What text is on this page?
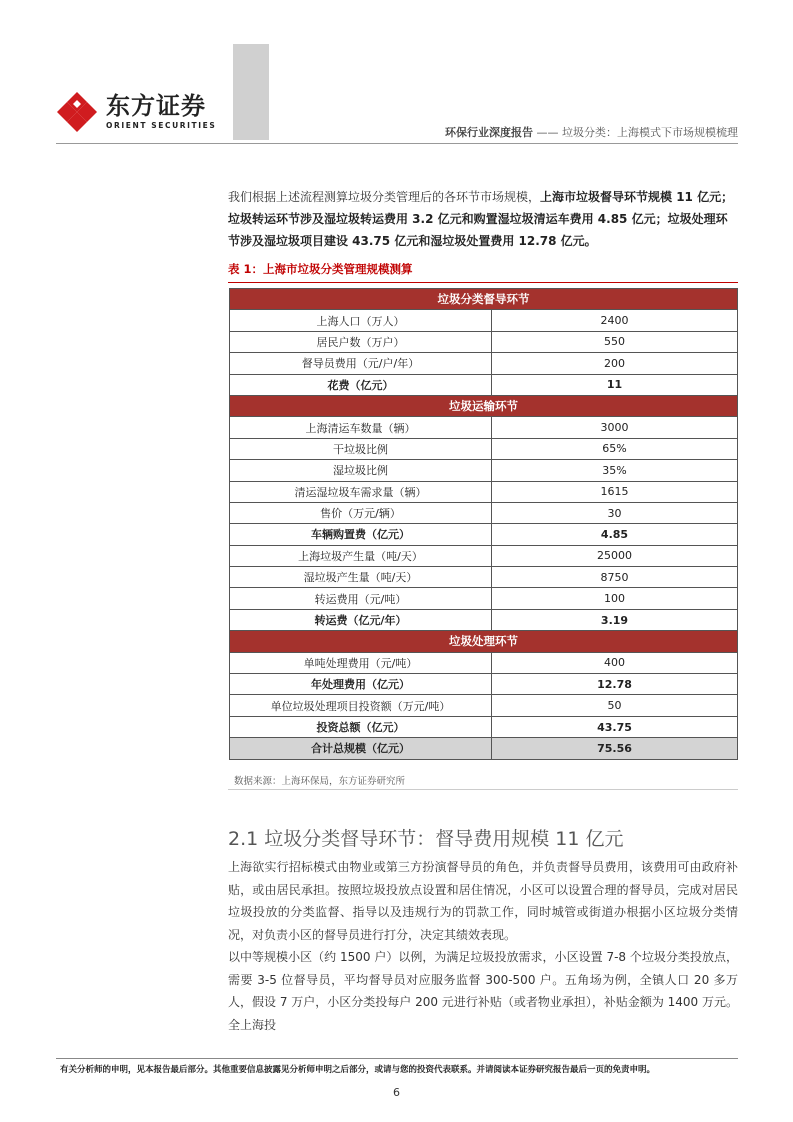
东方证券
ORIENT SECURITIES
环保行业深度报告 —— 垃圾分类：上海模式下市场规模梳理
我们根据上述流程测算垃圾分类管理后的各环节市场规模，上海市垃圾督导环节规模 11 亿元；垃圾转运环节涉及湿垃圾转运费用 3.2 亿元和购置湿垃圾清运车费用 4.85 亿元；垃圾处理环节涉及湿垃圾项目建设 43.75 亿元和湿垃圾处置费用 12.78 亿元。
表 1：上海市垃圾分类管理规模测算
垃圾分类督导环节	
上海人口（万人）	2400
居民户数（万户）	550
督导员费用（元/户/年）	200
花费（亿元）	11
垃圾运输环节	
上海清运车数量（辆）	3000
干垃圾比例	65%
湿垃圾比例	35%
清运湿垃圾车需求量（辆）	1615
售价（万元/辆）	30
车辆购置费（亿元）	4.85
上海垃圾产生量（吨/天）	25000
湿垃圾产生量（吨/天）	8750
转运费用（元/吨）	100
转运费（亿元/年）	3.19
垃圾处理环节	
单吨处理费用（元/吨）	400
年处理费用（亿元）	12.78
单位垃圾处理项目投资额（万元/吨）	50
投资总额（亿元）	43.75
合计总规模（亿元）	75.56
数据来源：上海环保局，东方证券研究所
2.1 垃圾分类督导环节：督导费用规模 11 亿元

上海欲实行招标模式由物业或第三方扮演督导员的角色，并负责督导员费用，该费用可由政府补贴，或由居民承担。按照垃圾投放点设置和居住情况，小区可以设置合理的督导员，完成对居民垃圾投放的分类监督、指导以及违规行为的罚款工作，同时城管或街道办根据小区垃圾分类情况，对负责小区的督导员进行打分，决定其绩效表现。

以中等规模小区（约 1500 户）以例，为满足垃圾投放需求，小区设置 7-8 个垃圾分类投放点，需要 3-5 位督导员，平均督导员对应服务监督 300-500 户。五角场为例，全镇人口 20 多万人，假设 7 万户，小区分类投每户 200 元进行补贴（或者物业承担），补贴金额为 1400 万元。全上海投

有关分析师的申明，见本报告最后部分。其他重要信息披露见分析师申明之后部分，或请与您的投资代表联系。并请阅读本证券研究报告最后一页的免责申明。
6
